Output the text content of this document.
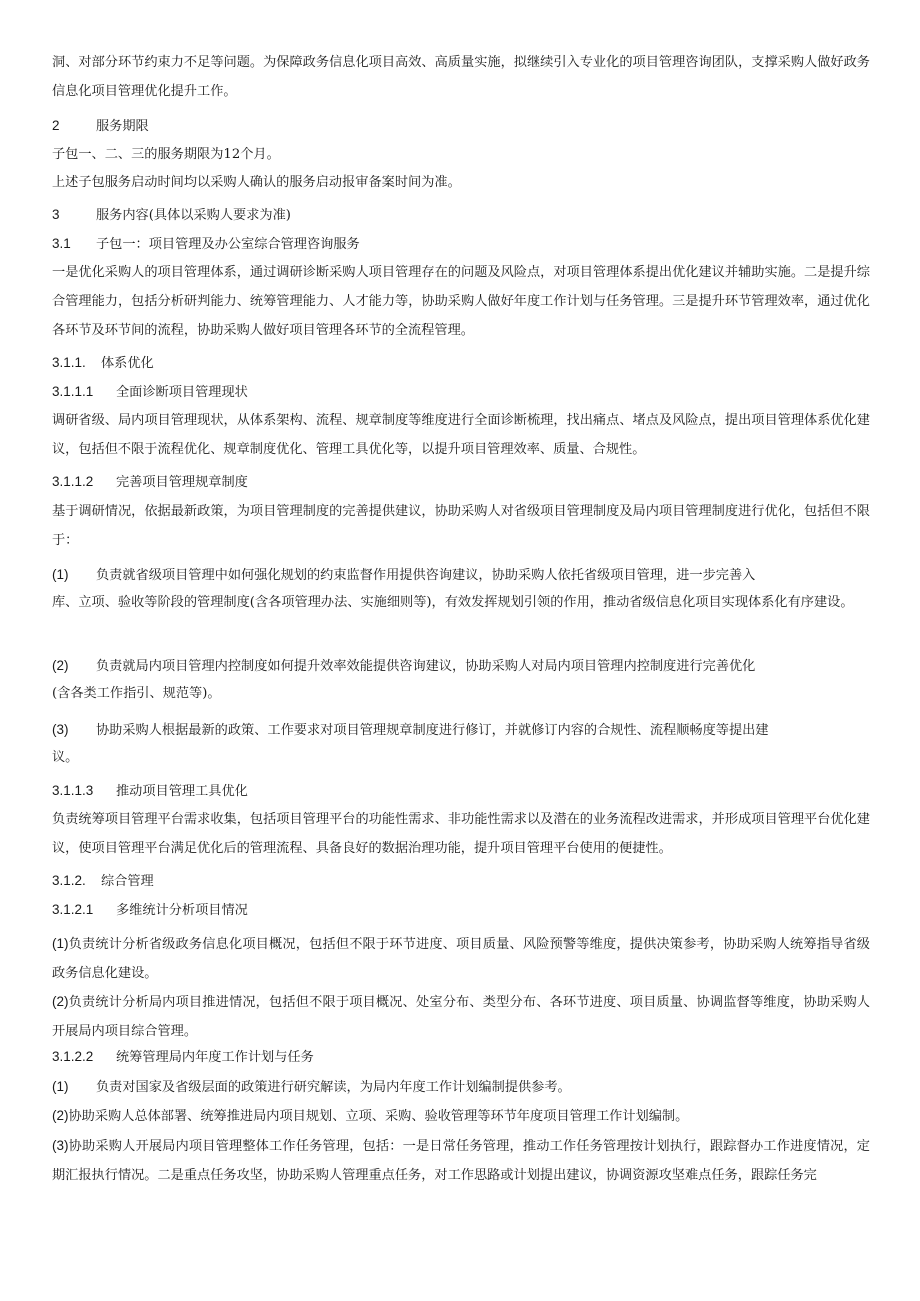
洞、对部分环节约束力不足等问题。为保障政务信息化项目高效、高质量实施，拟继续引入专业化的项目管理咨询团队，支撑采购人做好政务信息化项目管理优化提升工作。

2	服务期限

子包一、二、三的服务期限为12个月。

上述子包服务启动时间均以采购人确认的服务启动报审备案时间为准。

3	服务内容(具体以采购人要求为准)
3.1 子包一：项目管理及办公室综合管理咨询服务

一是优化采购人的项目管理体系，通过调研诊断采购人项目管理存在的问题及风险点，对项目管理体系提出优化建议并辅助实施。二是提升综合管理能力，包括分析研判能力、统筹管理能力、人才能力等，协助采购人做好年度工作计划与任务管理。三是提升环节管理效率，通过优化各环节及环节间的流程，协助采购人做好项目管理各环节的全流程管理。

3.1.1. 体系优化
3.1.1.1 全面诊断项目管理现状

调研省级、局内项目管理现状，从体系架构、流程、规章制度等维度进行全面诊断梳理，找出痛点、堵点及风险点，提出项目管理体系优化建议，包括但不限于流程优化、规章制度优化、管理工具优化等，以提升项目管理效率、质量、合规性。

3.1.1.2 完善项目管理规章制度

基于调研情况，依据最新政策，为项目管理制度的完善提供建议，协助采购人对省级项目管理制度及局内项目管理制度进行优化，包括但不限于：

(1) 负责就省级项目管理中如何强化规划的约束监督作用提供咨询建议，协助采购人依托省级项目管理，进一步完善入
库、立项、验收等阶段的管理制度(含各项管理办法、实施细则等)，有效发挥规划引领的作用，推动省级信息化项目实现体系化有序建设。
(2) 负责就局内项目管理内控制度如何提升效率效能提供咨询建议，协助采购人对局内项目管理内控制度进行完善优化
(含各类工作指引、规范等)。
(3) 协助采购人根据最新的政策、工作要求对项目管理规章制度进行修订，并就修订内容的合规性、流程顺畅度等提出建
议。
3.1.1.3 推动项目管理工具优化

负责统筹项目管理平台需求收集，包括项目管理平台的功能性需求、非功能性需求以及潜在的业务流程改进需求，并形成项目管理平台优化建议，使项目管理平台满足优化后的管理流程、具备良好的数据治理功能，提升项目管理平台使用的便捷性。

3.1.2. 综合管理
3.1.2.1 多维统计分析项目情况

(1)负责统计分析省级政务信息化项目概况，包括但不限于环节进度、项目质量、风险预警等维度，提供决策参考，协助采购人统筹指导省级政务信息化建设。

(2)负责统计分析局内项目推进情况，包括但不限于项目概况、处室分布、类型分布、各环节进度、项目质量、协调监督等维度，协助采购人开展局内项目综合管理。

3.1.2.2 统筹管理局内年度工作计划与任务

(1) 负责对国家及省级层面的政策进行研究解读，为局内年度工作计划编制提供参考。

(2)协助采购人总体部署、统筹推进局内项目规划、立项、采购、验收管理等环节年度项目管理工作计划编制。

(3)协助采购人开展局内项目管理整体工作任务管理，包括：一是日常任务管理，推动工作任务管理按计划执行，跟踪督办工作进度情况，定期汇报执行情况。二是重点任务攻坚，协助采购人管理重点任务，对工作思路或计划提出建议，协调资源攻坚难点任务，跟踪任务完
